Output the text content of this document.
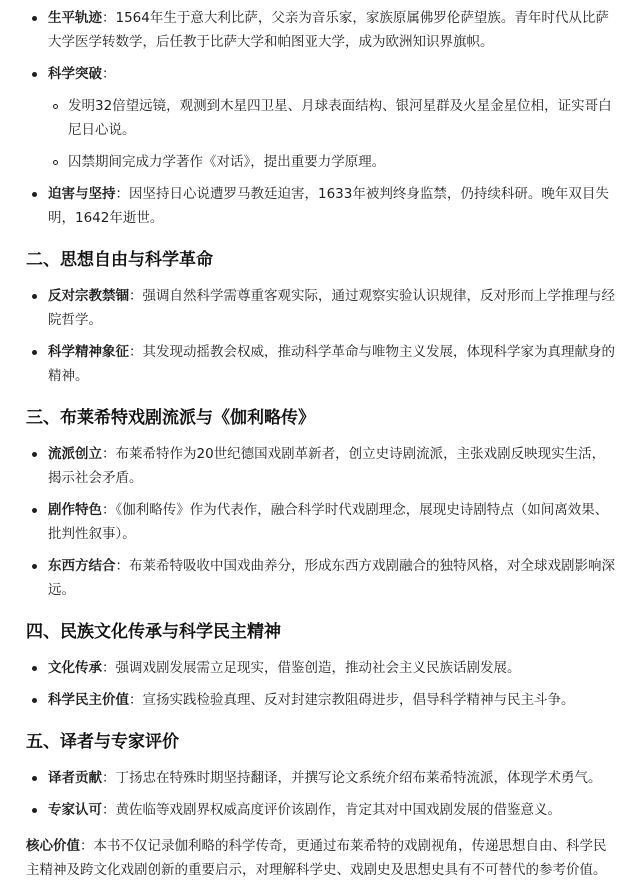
生平轨迹：1564年生于意大利比萨，父亲为音乐家，家族原属佛罗伦萨望族。青年时代从比萨大学医学转数学，后任教于比萨大学和帕图亚大学，成为欧洲知识界旗帜。
科学突破：
发明32倍望远镜，观测到木星四卫星、月球表面结构、银河星群及火星金星位相，证实哥白尼日心说。
囚禁期间完成力学著作《对话》，提出重要力学原理。
迫害与坚持：因坚持日心说遭罗马教廷迫害，1633年被判终身监禁，仍持续科研。晚年双目失明，1642年逝世。
二、思想自由与科学革命
反对宗教禁锢：强调自然科学需尊重客观实际，通过观察实验认识规律，反对形而上学推理与经院哲学。
科学精神象征：其发现动摇教会权威，推动科学革命与唯物主义发展，体现科学家为真理献身的精神。
三、布莱希特戏剧流派与《伽利略传》
流派创立：布莱希特作为20世纪德国戏剧革新者，创立史诗剧流派，主张戏剧反映现实生活，揭示社会矛盾。
剧作特色：《伽利略传》作为代表作，融合科学时代戏剧理念，展现史诗剧特点（如间离效果、批判性叙事）。
东西方结合：布莱希特吸收中国戏曲养分，形成东西方戏剧融合的独特风格，对全球戏剧影响深远。
四、民族文化传承与科学民主精神
文化传承：强调戏剧发展需立足现实，借鉴创造，推动社会主义民族话剧发展。
科学民主价值：宣扬实践检验真理、反对封建宗教阻碍进步，倡导科学精神与民主斗争。
五、译者与专家评价
译者贡献：丁扬忠在特殊时期坚持翻译，并撰写论文系统介绍布莱希特流派，体现学术勇气。
专家认可：黄佐临等戏剧界权威高度评价该剧作，肯定其对中国戏剧发展的借鉴意义。
核心价值：本书不仅记录伽利略的科学传奇，更通过布莱希特的戏剧视角，传递思想自由、科学民主精神及跨文化戏剧创新的重要启示，对理解科学史、戏剧史及思想史具有不可替代的参考价值。
